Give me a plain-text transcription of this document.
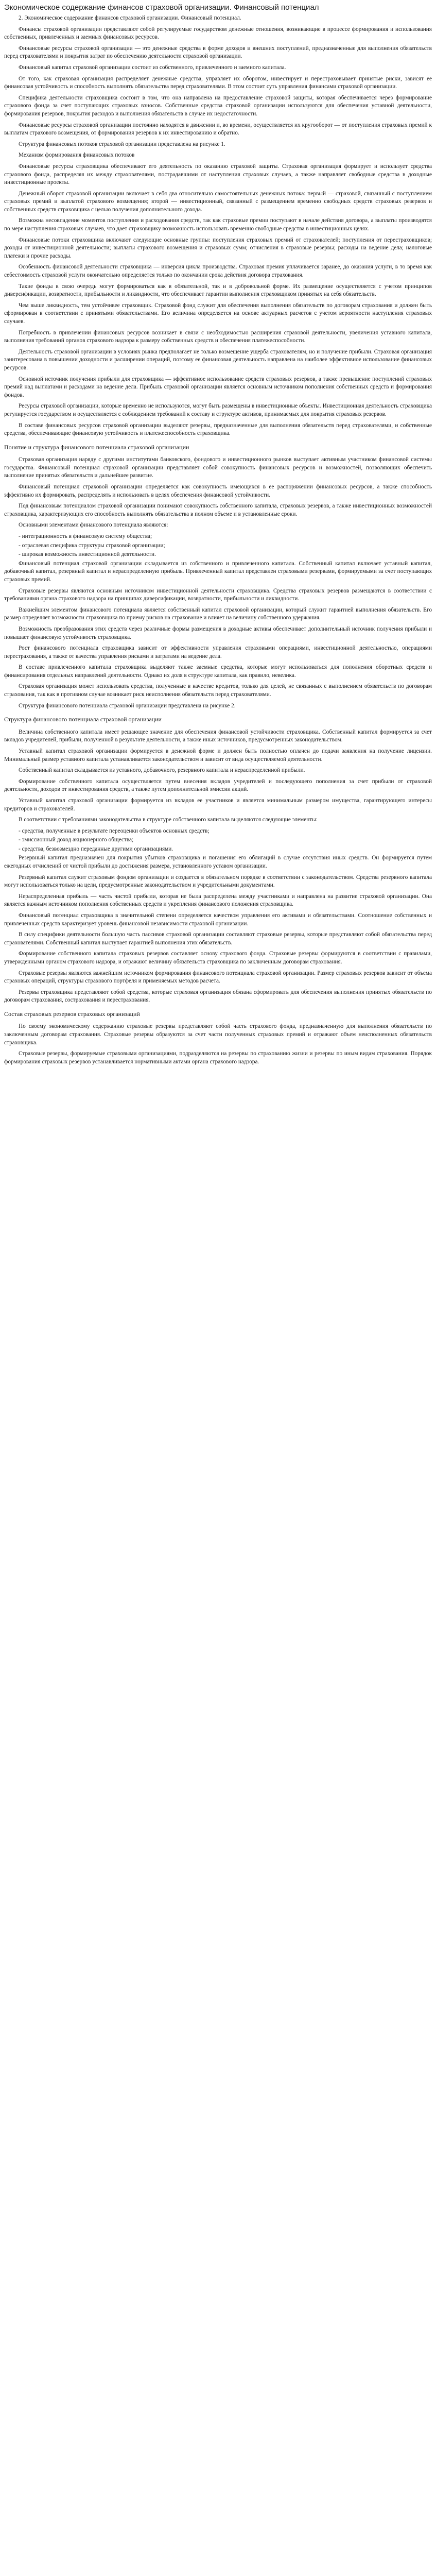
Экономическое содержание финансов страховой организации. Финансовый потенциал

2. Экономическое содержание финансов страховой организации. Финансовый потенциал.

Финансы страховой организации представляют собой регулируемые государством денежные отношения, возникающие в процессе формирования и использования собственных, привлеченных и заемных финансовых ресурсов.

Финансовые ресурсы страховой организации — это денежные средства в форме доходов и внешних поступлений, предназначенные для выполнения обязательств перед страхователями и покрытия затрат по обеспечению деятельности страховой организации.

Финансовый капитал страховой организации состоит из собственного, привлеченного и заемного капитала.

От того, как страховая организация распределяет денежные средства, управляет их оборотом, инвестирует и перестраховывает принятые риски, зависят ее финансовая устойчивость и способность выполнять обязательства перед страхователями. В этом состоит суть управления финансами страховой организации.

Специфика деятельности страховщика состоит в том, что она направлена на предоставление страховой защиты, которая обеспечивается через формирование страхового фонда за счет поступающих страховых взносов. Собственные средства страховой организации используются для обеспечения уставной деятельности, формирования резервов, покрытия расходов и выполнения обязательств в случае их недостаточности.

Финансовые ресурсы страховой организации постоянно находятся в движении и, во времени, осуществляется их кругооборот — от поступления страховых премий к выплатам страхового возмещения, от формирования резервов к их инвестированию и обратно.

Структура финансовых потоков страховой организации представлена на рисунке 1.

Механизм формирования финансовых потоков

Финансовые ресурсы страховщика обеспечивают его деятельность по оказанию страховой защиты. Страховая организация формирует и использует средства страхового фонда, распределяя их между страхователями, пострадавшими от наступления страховых случаев, а также направляет свободные средства в доходные инвестиционные проекты.

Денежный оборот страховой организации включает в себя два относительно самостоятельных денежных потока: первый — страховой, связанный с поступлением страховых премий и выплатой страхового возмещения; второй — инвестиционный, связанный с размещением временно свободных средств страховых резервов и собственных средств страховщика с целью получения дополнительного дохода.

Возможна несовпадение моментов поступления и расходования средств, так как страховые премии поступают в начале действия договора, а выплаты производятся по мере наступления страховых случаев, что дает страховщику возможность использовать временно свободные средства в инвестиционных целях.

Финансовые потоки страховщика включают следующие основные группы: поступления страховых премий от страхователей; поступления от перестраховщиков; доходы от инвестиционной деятельности; выплаты страхового возмещения и страховых сумм; отчисления в страховые резервы; расходы на ведение дела; налоговые платежи и прочие расходы.

Особенность финансовой деятельности страховщика — инверсия цикла производства. Страховая премия уплачивается заранее, до оказания услуги, в то время как себестоимость страховой услуги окончательно определяется только по окончании срока действия договора страхования.

Такие фонды в свою очередь могут формироваться как в обязательной, так и в добровольной форме. Их размещение осуществляется с учетом принципов диверсификации, возвратности, прибыльности и ликвидности, что обеспечивает гарантии выполнения страховщиком принятых на себя обязательств.

Чем выше ликвидность, тем устойчивее страховщик. Страховой фонд служит для обеспечения выполнения обязательств по договорам страхования и должен быть сформирован в соответствии с принятыми обязательствами. Его величина определяется на основе актуарных расчетов с учетом вероятности наступления страховых случаев.

Потребность в привлечении финансовых ресурсов возникает в связи с необходимостью расширения страховой деятельности, увеличения уставного капитала, выполнения требований органов страхового надзора к размеру собственных средств и обеспечения платежеспособности.

Деятельность страховой организации в условиях рынка предполагает не только возмещение ущерба страхователям, но и получение прибыли. Страховая организация заинтересована в повышении доходности и расширении операций, поэтому ее финансовая деятельность направлена на наиболее эффективное использование финансовых ресурсов.

Основной источник получения прибыли для страховщика — эффективное использование средств страховых резервов, а также превышение поступлений страховых премий над выплатами и расходами на ведение дела. Прибыль страховой организации является основным источником пополнения собственных средств и формирования фондов.

Ресурсы страховой организации, которые временно не используются, могут быть размещены в инвестиционные объекты. Инвестиционная деятельность страховщика регулируется государством и осуществляется с соблюдением требований к составу и структуре активов, принимаемых для покрытия страховых резервов.

В составе финансовых ресурсов страховой организации выделяют резервы, предназначенные для выполнения обязательств перед страхователями, и собственные средства, обеспечивающие финансовую устойчивость и платежеспособность страховщика.

Понятие и структура финансового потенциала страховой организации

Страховая организация наряду с другими институтами банковского, фондового и инвестиционного рынков выступает активным участником финансовой системы государства. Финансовый потенциал страховой организации представляет собой совокупность финансовых ресурсов и возможностей, позволяющих обеспечить выполнение принятых обязательств и дальнейшее развитие.

Финансовый потенциал страховой организации определяется как совокупность имеющихся в ее распоряжении финансовых ресурсов, а также способность эффективно их формировать, распределять и использовать в целях обеспечения финансовой устойчивости.

Под финансовым потенциалом страховой организации понимают совокупность собственного капитала, страховых резервов, а также инвестиционных возможностей страховщика, характеризующих его способность выполнять обязательства в полном объеме и в установленные сроки.

Основными элементами финансового потенциала являются:

- интеграционность в финансовую систему общества;

- отраслевая специфика структуры страховой организации;

- широкая возможность инвестиционной деятельности.

Финансовый потенциал страховой организации складывается из собственного и привлеченного капитала. Собственный капитал включает уставный капитал, добавочный капитал, резервный капитал и нераспределенную прибыль. Привлеченный капитал представлен страховыми резервами, формируемыми за счет поступающих страховых премий.

Страховые резервы являются основным источником инвестиционной деятельности страховщика. Средства страховых резервов размещаются в соответствии с требованиями органа страхового надзора на принципах диверсификации, возвратности, прибыльности и ликвидности.

Важнейшим элементом финансового потенциала является собственный капитал страховой организации, который служит гарантией выполнения обязательств. Его размер определяет возможности страховщика по приему рисков на страхование и влияет на величину собственного удержания.

Возможность преобразования этих средств через различные формы размещения в доходные активы обеспечивает дополнительный источник получения прибыли и повышает финансовую устойчивость страховщика.

Рост финансового потенциала страховщика зависит от эффективности управления страховыми операциями, инвестиционной деятельностью, операциями перестрахования, а также от качества управления рисками и затратами на ведение дела.

В составе привлеченного капитала страховщика выделяют также заемные средства, которые могут использоваться для пополнения оборотных средств и финансирования отдельных направлений деятельности. Однако их доля в структуре капитала, как правило, невелика.

Страховая организация может использовать средства, полученные в качестве кредитов, только для целей, не связанных с выполнением обязательств по договорам страхования, так как в противном случае возникает риск неисполнения обязательств перед страхователями.

Структура финансового потенциала страховой организации представлена на рисунке 2.

Структура финансового потенциала страховой организации

Величина собственного капитала имеет решающее значение для обеспечения финансовой устойчивости страховщика. Собственный капитал формируется за счет вкладов учредителей, прибыли, полученной в результате деятельности, а также иных источников, предусмотренных законодательством.

Уставный капитал страховой организации формируется в денежной форме и должен быть полностью оплачен до подачи заявления на получение лицензии. Минимальный размер уставного капитала устанавливается законодательством и зависит от вида осуществляемой деятельности.

Собственный капитал складывается из уставного, добавочного, резервного капитала и нераспределенной прибыли.

Формирование собственного капитала осуществляется путем внесения вкладов учредителей и последующего пополнения за счет прибыли от страховой деятельности, доходов от инвестирования средств, а также путем дополнительной эмиссии акций.

Уставный капитал страховой организации формируется из вкладов ее участников и является минимальным размером имущества, гарантирующего интересы кредиторов и страхователей.

В соответствии с требованиями законодательства в структуре собственного капитала выделяются следующие элементы:

- средства, полученные в результате переоценки объектов основных средств;

- эмиссионный доход акционерного общества;

- средства, безвозмездно переданные другими организациями.

Резервный капитал предназначен для покрытия убытков страховщика и погашения его облигаций в случае отсутствия иных средств. Он формируется путем ежегодных отчислений от чистой прибыли до достижения размера, установленного уставом организации.

Резервный капитал служит страховым фондом организации и создается в обязательном порядке в соответствии с законодательством. Средства резервного капитала могут использоваться только на цели, предусмотренные законодательством и учредительными документами.

Нераспределенная прибыль — часть чистой прибыли, которая не была распределена между участниками и направлена на развитие страховой организации. Она является важным источником пополнения собственных средств и укрепления финансового положения страховщика.

Финансовый потенциал страховщика в значительной степени определяется качеством управления его активами и обязательствами. Соотношение собственных и привлеченных средств характеризует уровень финансовой независимости страховой организации.

В силу специфики деятельности большую часть пассивов страховой организации составляют страховые резервы, которые представляют собой обязательства перед страхователями. Собственный капитал выступает гарантией выполнения этих обязательств.

Формирование собственного капитала страховых резервов составляет основу страхового фонда. Страховые резервы формируются в соответствии с правилами, утвержденными органом страхового надзора, и отражают величину обязательств страховщика по заключенным договорам страхования.

Страховые резервы являются важнейшим источником формирования финансового потенциала страховой организации. Размер страховых резервов зависит от объема страховых операций, структуры страхового портфеля и применяемых методов расчета.

Резервы страховщика представляют собой средства, которые страховая организация обязана сформировать для обеспечения выполнения принятых обязательств по договорам страхования, сострахования и перестрахования.

Состав страховых резервов страховых организаций

По своему экономическому содержанию страховые резервы представляют собой часть страхового фонда, предназначенную для выполнения обязательств по заключенным договорам страхования. Страховые резервы образуются за счет части полученных страховых премий и отражают объем неисполненных обязательств страховщика.

Страховые резервы, формируемые страховыми организациями, подразделяются на резервы по страхованию жизни и резервы по иным видам страхования. Порядок формирования страховых резервов устанавливается нормативными актами органа страхового надзора.
